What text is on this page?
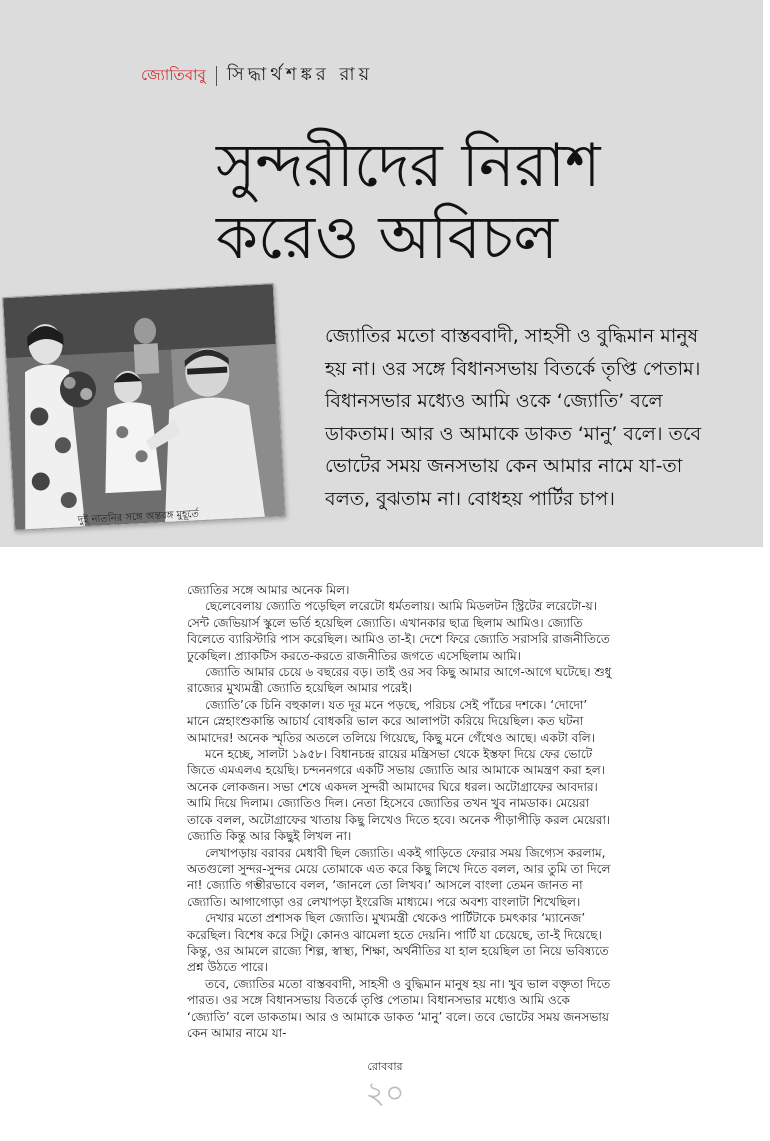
জ্যোতিবাবু সিদ্ধার্থশঙ্কর রায়
সুন্দরীদের নিরাশ
করেও অবিচল
দুই নাতনির সঙ্গে অন্তরঙ্গ মুহূর্তে

জ্যোতির মতো বাস্তববাদী, সাহসী ও বুদ্ধিমান মানুষ হয় না। ওর সঙ্গে বিধানসভায় বিতর্কে তৃপ্তি পেতাম। বিধানসভার মধ্যেও আমি ওকে ‘জ্যোতি’ বলে ডাকতাম। আর ও আমাকে ডাকত ‘মানু’ বলে। তবে ভোটের সময় জনসভায় কেন আমার নামে যা-তা বলত, বুঝতাম না। বোধহয় পার্টির চাপ।

জ্যোতির সঙ্গে আমার অনেক মিল।

ছেলেবেলায় জ্যোতি পড়েছিল লরেটো ধর্মতলায়। আমি মিডলটন স্ট্রিটের লরেটো-য়। সেন্ট জেভিয়ার্স স্কুলে ভর্তি হয়েছিল জ্যোতি। এখানকার ছাত্র ছিলাম আমিও। জ্যোতি বিলেতে ব্যারিস্টারি পাস করেছিল। আমিও তা-ই। দেশে ফিরে জ্যোতি সরাসরি রাজনীতিতে ঢুকেছিল। প্র্যাকটিস করতে-করতে রাজনীতির জগতে এসেছিলাম আমি।

জ্যোতি আমার চেয়ে ৬ বছরের বড়। তাই ওর সব কিছু আমার আগে-আগে ঘটেছে। শুধু রাজ্যের মুখ্যমন্ত্রী জ্যোতি হয়েছিল আমার পরেই।

জ্যোতি’কে চিনি বহুকাল। যত দূর মনে পড়ছে, পরিচয় সেই পাঁচের দশকে। ‘দোদো’ মানে স্নেহাংশুকান্তি আচার্য বোধকরি ভাল করে আলাপটা করিয়ে দিয়েছিল। কত ঘটনা আমাদের! অনেক স্মৃতির অতলে তলিয়ে গিয়েছে, কিছু মনে গেঁথেও আছে। একটা বলি।

মনে হচ্ছে, সালটা ১৯৫৮। বিধানচন্দ্র রায়ের মন্ত্রিসভা থেকে ইস্তফা দিয়ে ফের ভোটে জিতে এমএলএ হয়েছি। চন্দননগরে একটি সভায় জ্যোতি আর আমাকে আমন্ত্রণ করা হল। অনেক লোকজন। সভা শেষে একদল সুন্দরী আমাদের ঘিরে ধরল। অটোগ্রাফের আবদার। আমি দিয়ে দিলাম। জ্যোতিও দিল। নেতা হিসেবে জ্যোতির তখন খুব নামডাক। মেয়েরা তাকে বলল, অটোগ্রাফের খাতায় কিছু লিখেও দিতে হবে। অনেক পীড়াপীড়ি করল মেয়েরা। জ্যোতি কিন্তু আর কিছুই লিখল না।

লেখাপড়ায় বরাবর মেধাবী ছিল জ্যোতি। একই গাড়িতে ফেরার সময় জিগ্যেস করলাম, অতগুলো সুন্দর-সুন্দর মেয়ে তোমাকে এত করে কিছু লিখে দিতে বলল, আর তুমি তা দিলে না! জ্যোতি গম্ভীরভাবে বলল, ‘জানলে তো লিখব।’ আসলে বাংলা তেমন জানত না জ্যোতি। আগাগোড়া ওর লেখাপড়া ইংরেজি মাধ্যমে। পরে অবশ্য বাংলাটা শিখেছিল।

দেখার মতো প্রশাসক ছিল জ্যোতি। মুখ্যমন্ত্রী থেকেও পার্টিটাকে চমৎকার ‘ম্যানেজ’ করেছিল। বিশেষ করে সিটু। কোনও ঝামেলা হতে দেয়নি। পার্টি যা চেয়েছে, তা-ই দিয়েছে। কিন্তু, ওর আমলে রাজ্যে শিল্প, স্বাস্থ্য, শিক্ষা, অর্থনীতির যা হাল হয়েছিল তা নিয়ে ভবিষ্যতে প্রশ্ন উঠতে পারে।

তবে, জ্যোতির মতো বাস্তববাদী, সাহসী ও বুদ্ধিমান মানুষ হয় না। খুব ভাল বক্তৃতা দিতে পারত। ওর সঙ্গে বিধানসভায় বিতর্কে তৃপ্তি পেতাম। বিধানসভার মধ্যেও আমি ওকে ‘জ্যোতি’ বলে ডাকতাম। আর ও আমাকে ডাকত ‘মানু’ বলে। তবে ভোটের সময় জনসভায় কেন আমার নামে যা-

রোববার
২০
